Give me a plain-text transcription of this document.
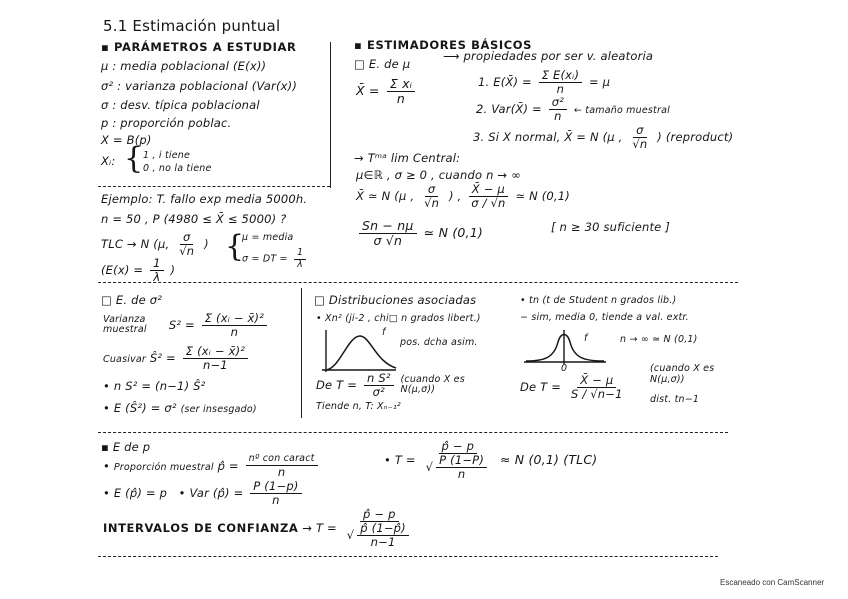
5.1 Estimación puntual
▪ PARÁMETROS A ESTUDIAR
μ : media poblacional (E(x))
σ² : varianza poblacional (Var(x))
σ : desv. típica poblacional
p : proporción poblac.
X = B(p)
Xᵢ: { 1 , i tiene
0 , no la tiene
▪ ESTIMADORES BÁSICOS
□ E. de μ
⟶ propiedades por ser v. aleatoria
X̄ = $\frac{\text{Σ xᵢ}}{n}$	1. E(X̄) = $\frac{\text{Σ E(xᵢ)}}{n} = \mu$
2. Var(X̄) = $\frac{\text{σ²}}{n}$ ← tamaño muestral
3. Si X normal, X̄ = N (μ , $\frac{\sigma}{√n}$ ) (reproduct)
→ Tᵐᵃ lim Central:
μ∈ℝ , σ ≥ 0 , cuando n → ∞
X̄ ≃ N (μ , $\frac{\sigma}{√n}$ ) , $\frac{X̄ - \mu}{\sigma / √n}$ ≃ N (0,1)
$\frac{Sn - n\mu}{\sigma √n}$ ≃ N (0,1)	[ n ≥ 30 suficiente ]
Ejemplo: T. fallo exp media 5000h.
n = 50 , P (4980 ≤ X̄ ≤ 5000) ?
TLC → N (μ, $\frac{\sigma}{√n}$ ) {
μ = media
σ = DT = $\frac{1}{\lambda}$
($E(x) = \frac{1}{\lambda}$ )
□ E. de σ²
Varianza muestral $S^2 = \frac{\text{Σ (xᵢ − x̄)²}}{n}$
Cuasivar Ŝ² = $\frac{\text{Σ (xᵢ − x̄)²}}{n-1}$
• n S² = (n−1) Ŝ²
• E (Ŝ²) = σ² (ser insesgado)
□ Distribuciones asociadas
• Xn² (ji-2 , chi□ n grados libert.)
f
pos. dcha asim.
De $T = \frac{\text{n S²}}{\text{σ²}}$ (cuando X es N(μ,σ))
Tiende n, T: Xₙ₋₁²
• tn (t de Student n grados lib.)
− sim, media 0, tiende a val. extr.
f
0
n → ∞ ≃ N (0,1)
De $T = \frac{X̄ - \mu}{S / √n-1}$
(cuando X es N(μ,σ))
dist. tn−1
▪ E de p
• Proporción muestral p̂ = $\frac{\text{nº con caract}}{n}$
• E (p̂) = p   • Var (p̂) = $\frac{P (1-p)}{n}$
• $T = \frac{p̂ - p}{√ \frac{P (1-P)}{n}} \approx N$ (0,1) (TLC)
INTERVALOS DE CONFIANZA → $T = \frac{p̂ - p}{√ \frac{p̂ (1-p̂)}{n-1}}$
Escaneado con CamScanner
